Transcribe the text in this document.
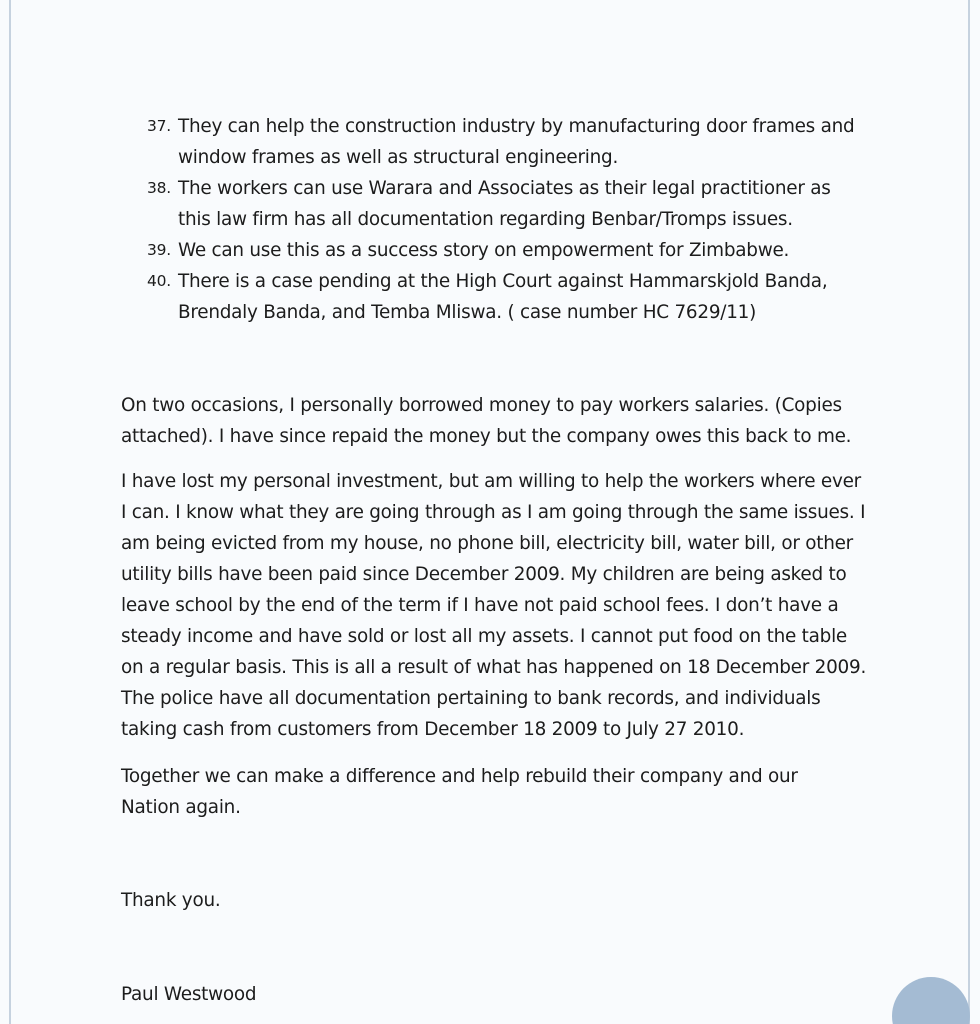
37. They can help the construction industry by manufacturing door frames and
window frames as well as structural engineering.
38. The workers can use Warara and Associates as their legal practitioner as
this law firm has all documentation regarding Benbar/Tromps issues.
39. We can use this as a success story on empowerment for Zimbabwe.
40. There is a case pending at the High Court against Hammarskjold Banda,
Brendaly Banda, and Temba Mliswa. ( case number HC 7629/11)

On two occasions, I personally borrowed money to pay workers salaries. (Copies
attached). I have since repaid the money but the company owes this back to me.

I have lost my personal investment, but am willing to help the workers where ever
I can. I know what they are going through as I am going through the same issues. I
am being evicted from my house, no phone bill, electricity bill, water bill, or other
utility bills have been paid since December 2009. My children are being asked to
leave school by the end of the term if I have not paid school fees. I don’t have a
steady income and have sold or lost all my assets. I cannot put food on the table
on a regular basis. This is all a result of what has happened on 18 December 2009.
The police have all documentation pertaining to bank records, and individuals
taking cash from customers from December 18 2009 to July 27 2010.

Together we can make a difference and help rebuild their company and our
Nation again.

Thank you.

Paul Westwood
